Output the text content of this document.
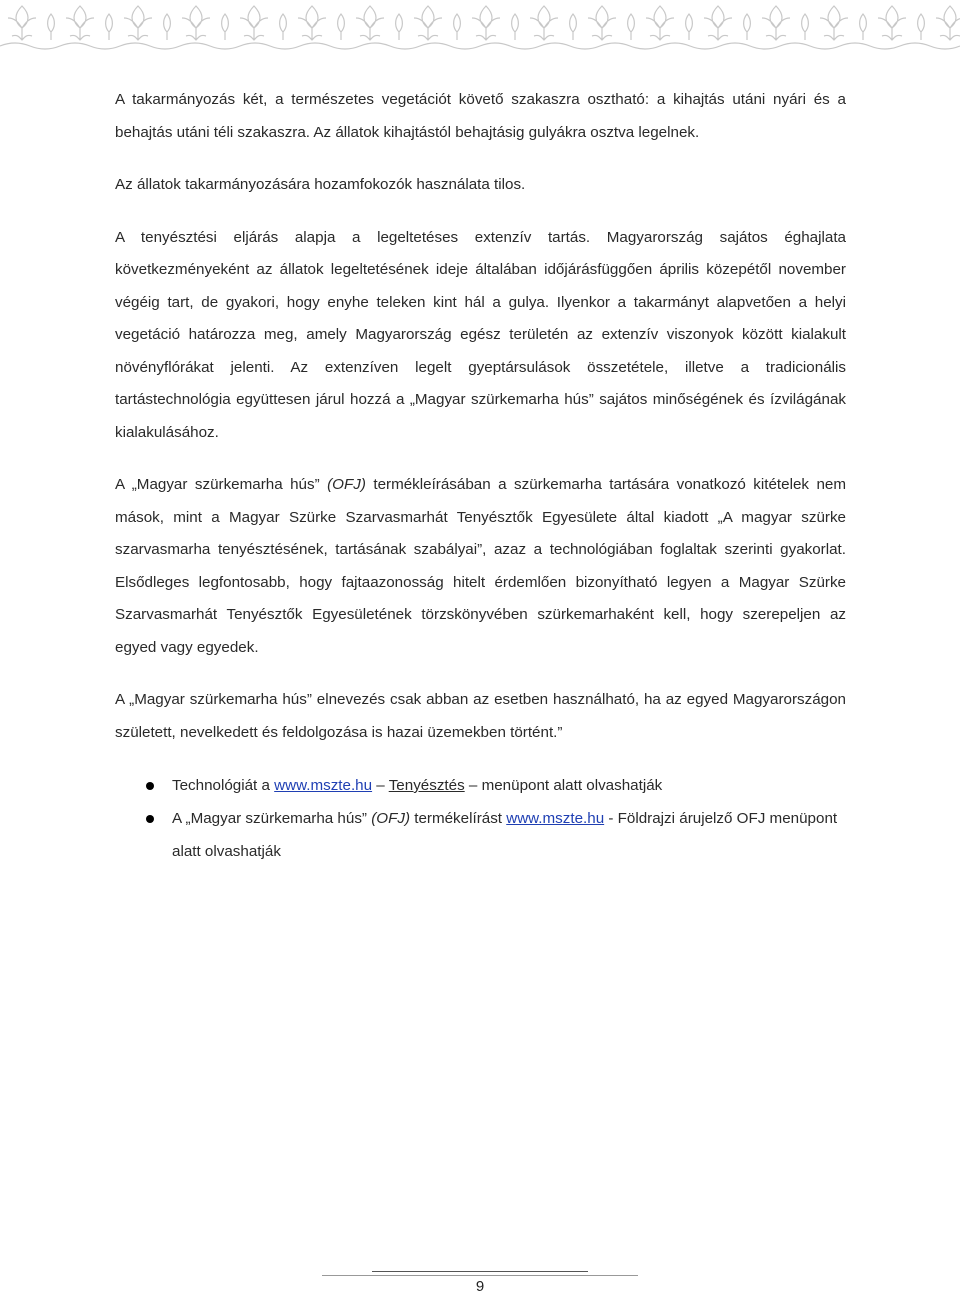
A takarmányozás két, a természetes vegetációt követő szakaszra osztható: a kihajtás utáni nyári és a behajtás utáni téli szakaszra. Az állatok kihajtástól behajtásig gulyákra osztva legelnek.

Az állatok takarmányozására hozamfokozók használata tilos.

A tenyésztési eljárás alapja a legeltetéses extenzív tartás. Magyarország sajátos éghajlata következményeként az állatok legeltetésének ideje általában időjárásfüggően április közepétől november végéig tart, de gyakori, hogy enyhe teleken kint hál a gulya. Ilyenkor a takarmányt alapvetően a helyi vegetáció határozza meg, amely Magyarország egész területén az extenzív viszonyok között kialakult növényflórákat jelenti. Az extenzíven legelt gyeptársulások összetétele, illetve a tradicionális tartástechnológia együttesen járul hozzá a „Magyar szürkemarha hús” sajátos minőségének és ízvilágának kialakulásához.

A „Magyar szürkemarha hús” (OFJ) termékleírásában a szürkemarha tartására vonatkozó kitételek nem mások, mint a Magyar Szürke Szarvasmarhát Tenyésztők Egyesülete által kiadott „A magyar szürke szarvasmarha tenyésztésének, tartásának szabályai”, azaz a technológiában foglaltak szerinti gyakorlat. Elsődleges legfontosabb, hogy fajtaazonosság hitelt érdemlően bizonyítható legyen a Magyar Szürke Szarvasmarhát Tenyésztők Egyesületének törzskönyvében szürkemarhaként kell, hogy szerepeljen az egyed vagy egyedek.

A „Magyar szürkemarha hús” elnevezés csak abban az esetben használható, ha az egyed Magyarországon született, nevelkedett és feldolgozása is hazai üzemekben történt.”

Technológiát a www.mszte.hu – Tenyésztés – menüpont alatt olvashatják
A „Magyar szürkemarha hús” (OFJ) termékelírást www.mszte.hu - Földrajzi árujelző OFJ menüpont alatt olvashatják
9
